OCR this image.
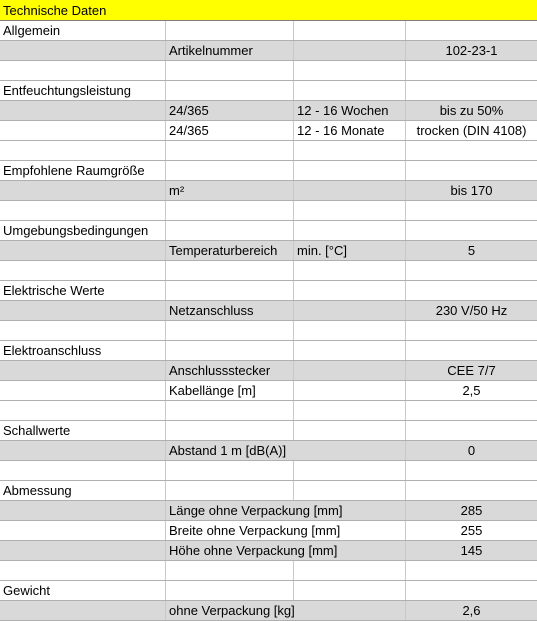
Technische Daten
Allgemein
Artikelnummer	102-23-1
Entfeuchtungsleistung
24/365	12 - 16 Wochen	bis zu 50%
24/365	12 - 16 Monate	trocken (DIN 4108)
Empfohlene Raumgröße
m²	bis 170
Umgebungsbedingungen
Temperaturbereich	min. [°C]	5
Elektrische Werte
Netzanschluss	230 V/50 Hz
Elektroanschluss
Anschlussstecker	CEE 7/7
Kabellänge [m]	2,5
Schallwerte
Abstand 1 m [dB(A)]	0
Abmessung
Länge ohne Verpackung [mm]	285
Breite ohne Verpackung [mm]	255
Höhe ohne Verpackung [mm]	145
Gewicht
ohne Verpackung [kg]	2,6
